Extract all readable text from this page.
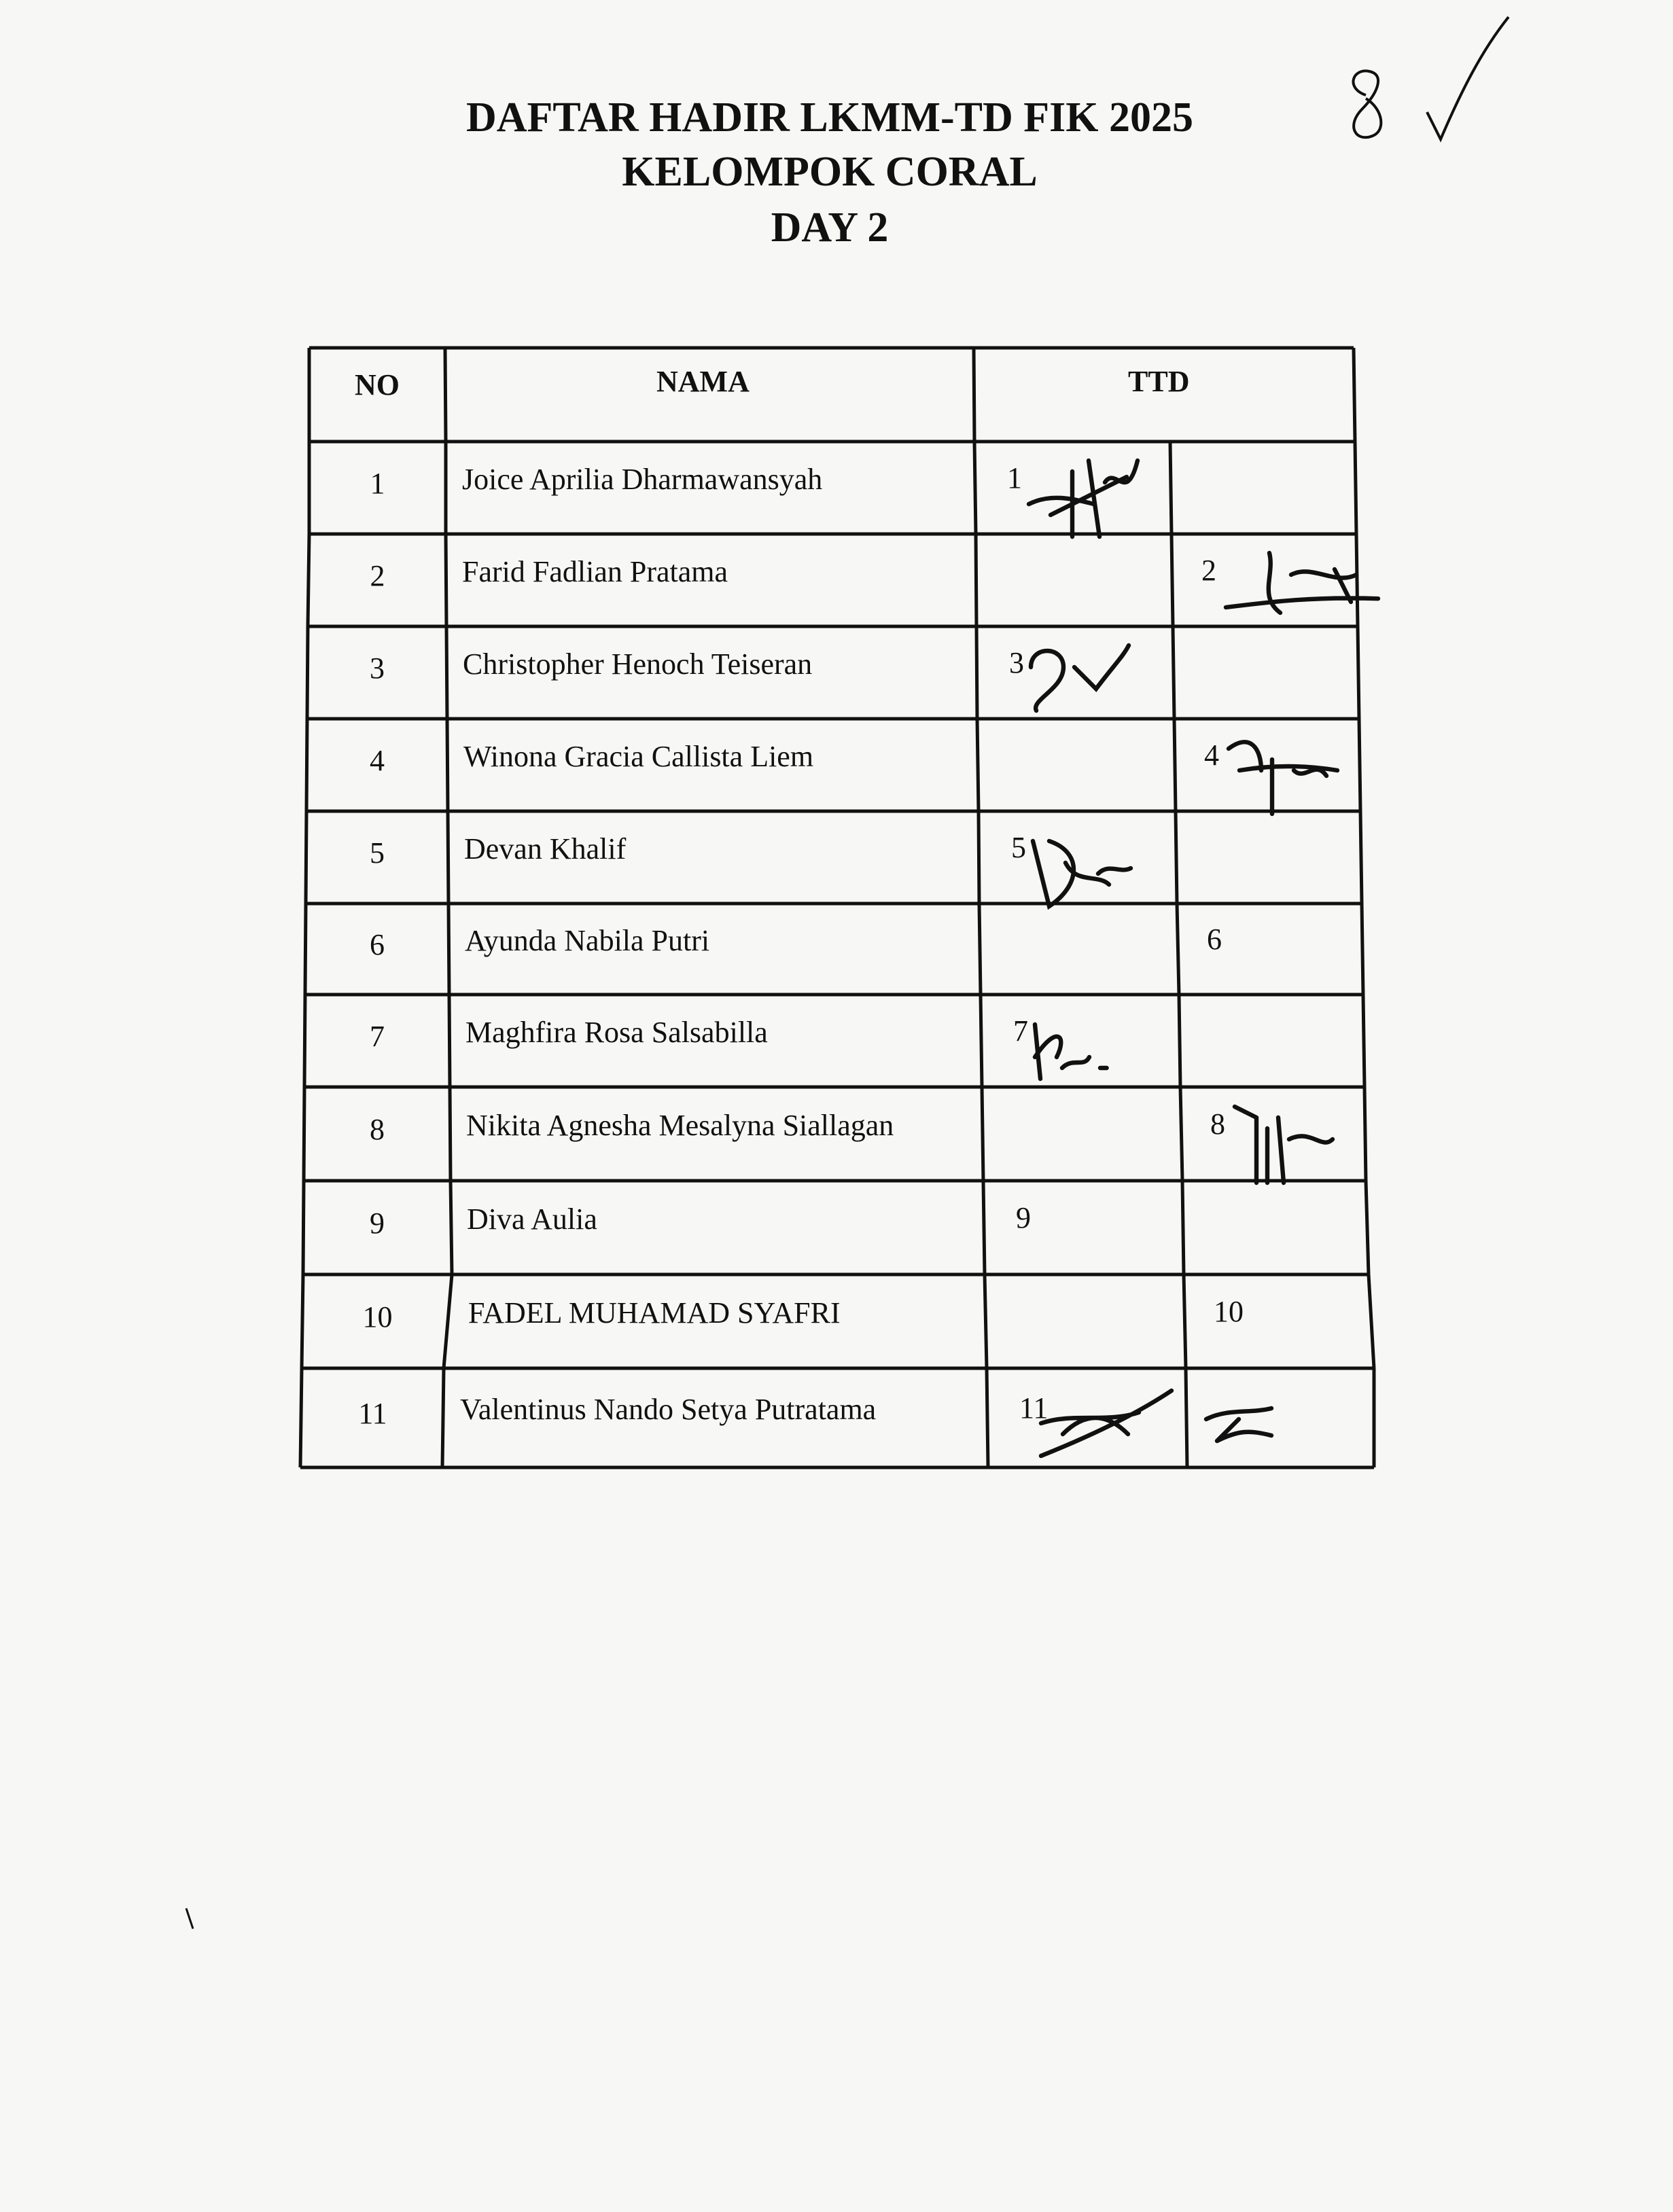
DAFTAR HADIR LKMM-TD FIK 2025
KELOMPOK CORAL
DAY 2
NO	NAMA	TTD
1	Joice Aprilia Dharmawansyah	1
2	Farid Fadlian Pratama	2
3	Christopher Henoch Teiseran	3
4	Winona Gracia Callista Liem	4
5	Devan Khalif	5
6	Ayunda Nabila Putri	6
7	Maghfira Rosa Salsabilla	7
8	Nikita Agnesha Mesalyna Siallagan	8
9	Diva Aulia	9
10	FADEL MUHAMAD SYAFRI	10
11	Valentinus Nando Setya Putratama	11
